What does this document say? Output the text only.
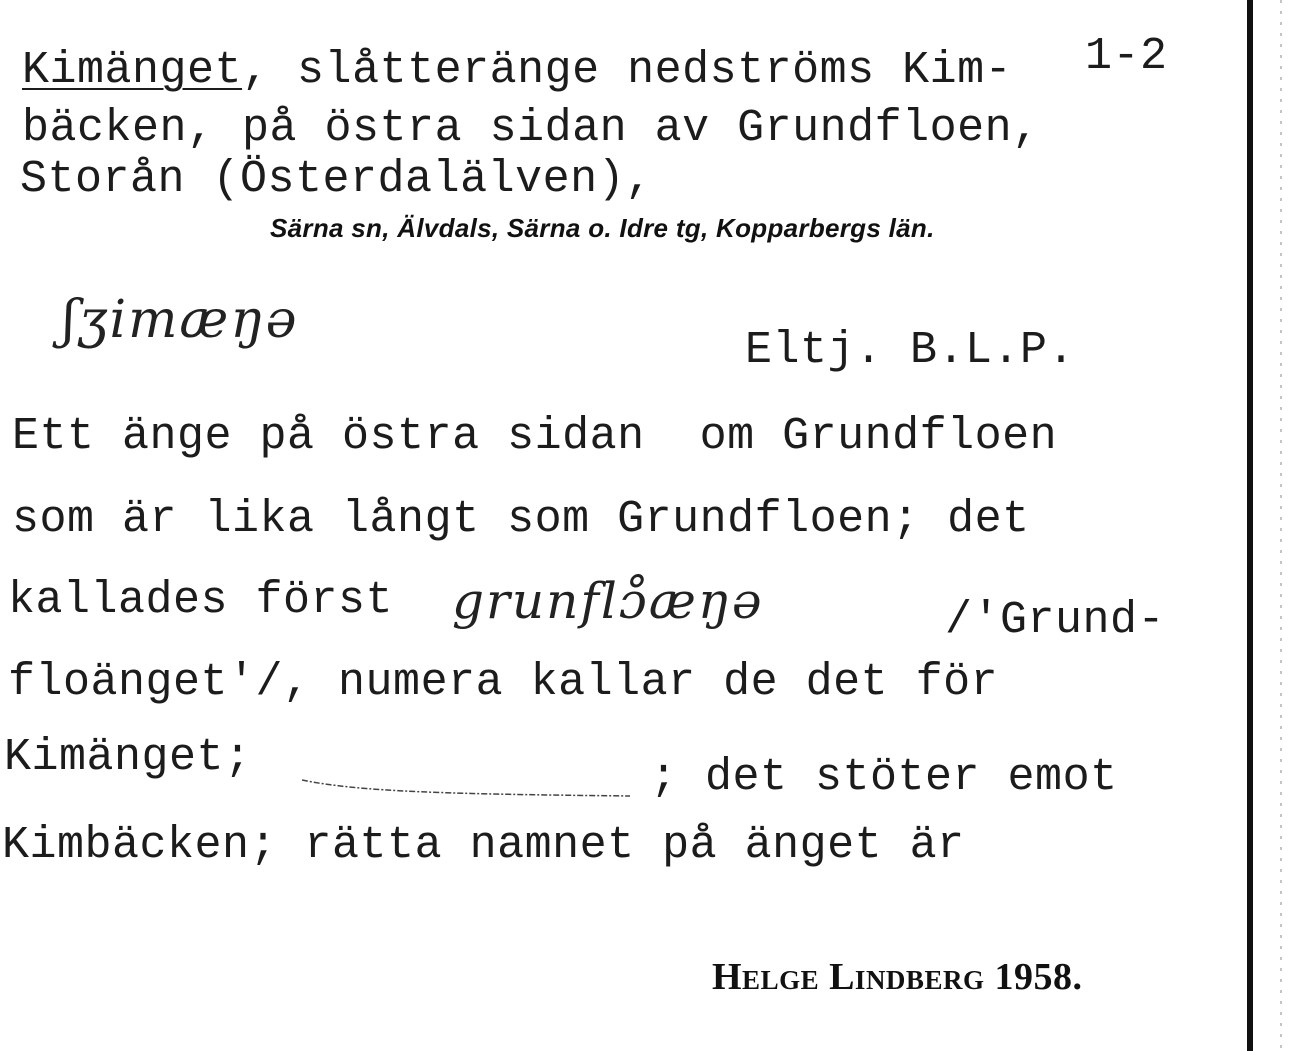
1-2
Kimänget, slåtteränge nedströms Kim-
bäcken, på östra sidan av Grundfloen,
Storån (Österdalälven),
Särna sn, Älvdals, Särna o. Idre tg, Kopparbergs län.
ʃʒimæŋə
Eltj. B.L.P.
Ett änge på östra sidan  om Grundfloen
som är lika långt som Grundfloen; det
kallades först grunflɔ̊æŋə	/′Grund-
floänget′/, numera kallar de det för
Kimänget;	; det stöter emot
Kimbäcken; rätta namnet på änget är
Helge Lindberg 1958.
